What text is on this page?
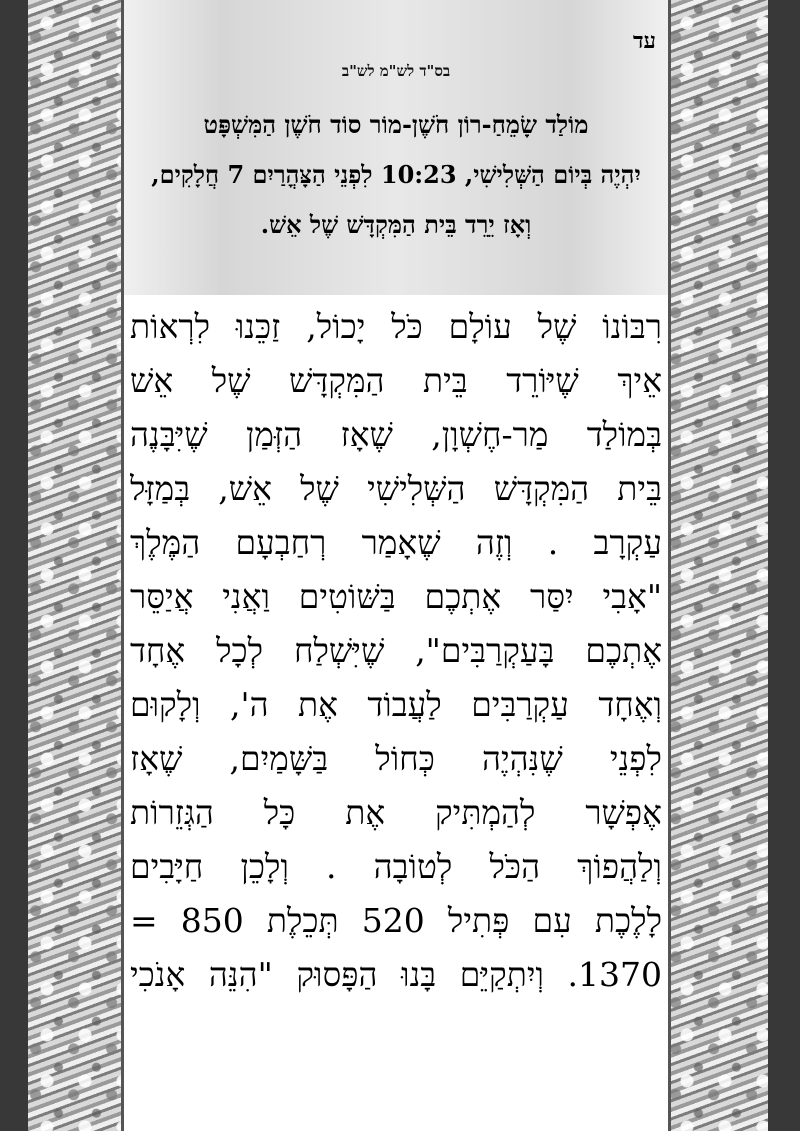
עד
בס"ד לש"מ לש"ב
מוֹלַד שָׂמֵחַ-רוֹן חֹשֶׁן-מוֹר סוֹד חֹשֶׁן הַמִּשְׁפָּט
יִהְיֶה בְּיוֹם הַשְּׁלִישִׁי, 10:23 לִפְנֵי הַצָּהֳרַיִם 7 חֲלָקִים,
וְאָז יֵרֵד בֵּית הַמִּקְדָּשׁ שֶׁל אֵשׁ.
רִבּוֹנוֹ שֶׁל עוֹלָם כֹּל יָכוֹל, זַכֵּנוּ לִרְאוֹת
אֵיךְ שֶׁיּוֹרֵד בֵּית הַמִּקְדָּשׁ שֶׁל אֵשׁ
בְּמוֹלַד מַר-חֶשְׁוָן, שֶׁאָז הַזְּמַן שֶׁיִּבָּנֶה
בֵּית הַמִּקְדָּשׁ הַשְּׁלִישִׁי שֶׁל אֵשׁ, בְּמַזָּל
עַקְרָב . וְזֶה שֶׁאָמַר רְחַבְעָם הַמֶּלֶךְ
"אָבִי יִסַּר אֶתְכֶם בַּשּׁוֹטִים וַאֲנִי אֲיַסֵּר
אֶתְכֶם בָּעַקְרַבִּים", שֶׁיִּשְׁלַח לְכָל אֶחָד
וְאֶחָד עַקְרַבִּים לַעֲבוֹד אֶת ה', וְלָקוּם
לִפְנֵי שֶׁנִּהְיֶה כְּחוֹל בַּשָּׁמַיִם, שֶׁאָז
אֶפְשָׁר לְהַמְתִּיק אֶת כָּל הַגְּזֵרוֹת
וְלַהֲפוֹךְ הַכֹּל לְטוֹבָה . וְלָכֵן חַיָּבִים
לָלֶכֶת עִם פְּתִיל 520 תְּכֵלֶת 850 =
1370. וְיִתְקַיֵּם בָּנוּ הַפָּסוּק "הִנֵּה אָנֹכִי
